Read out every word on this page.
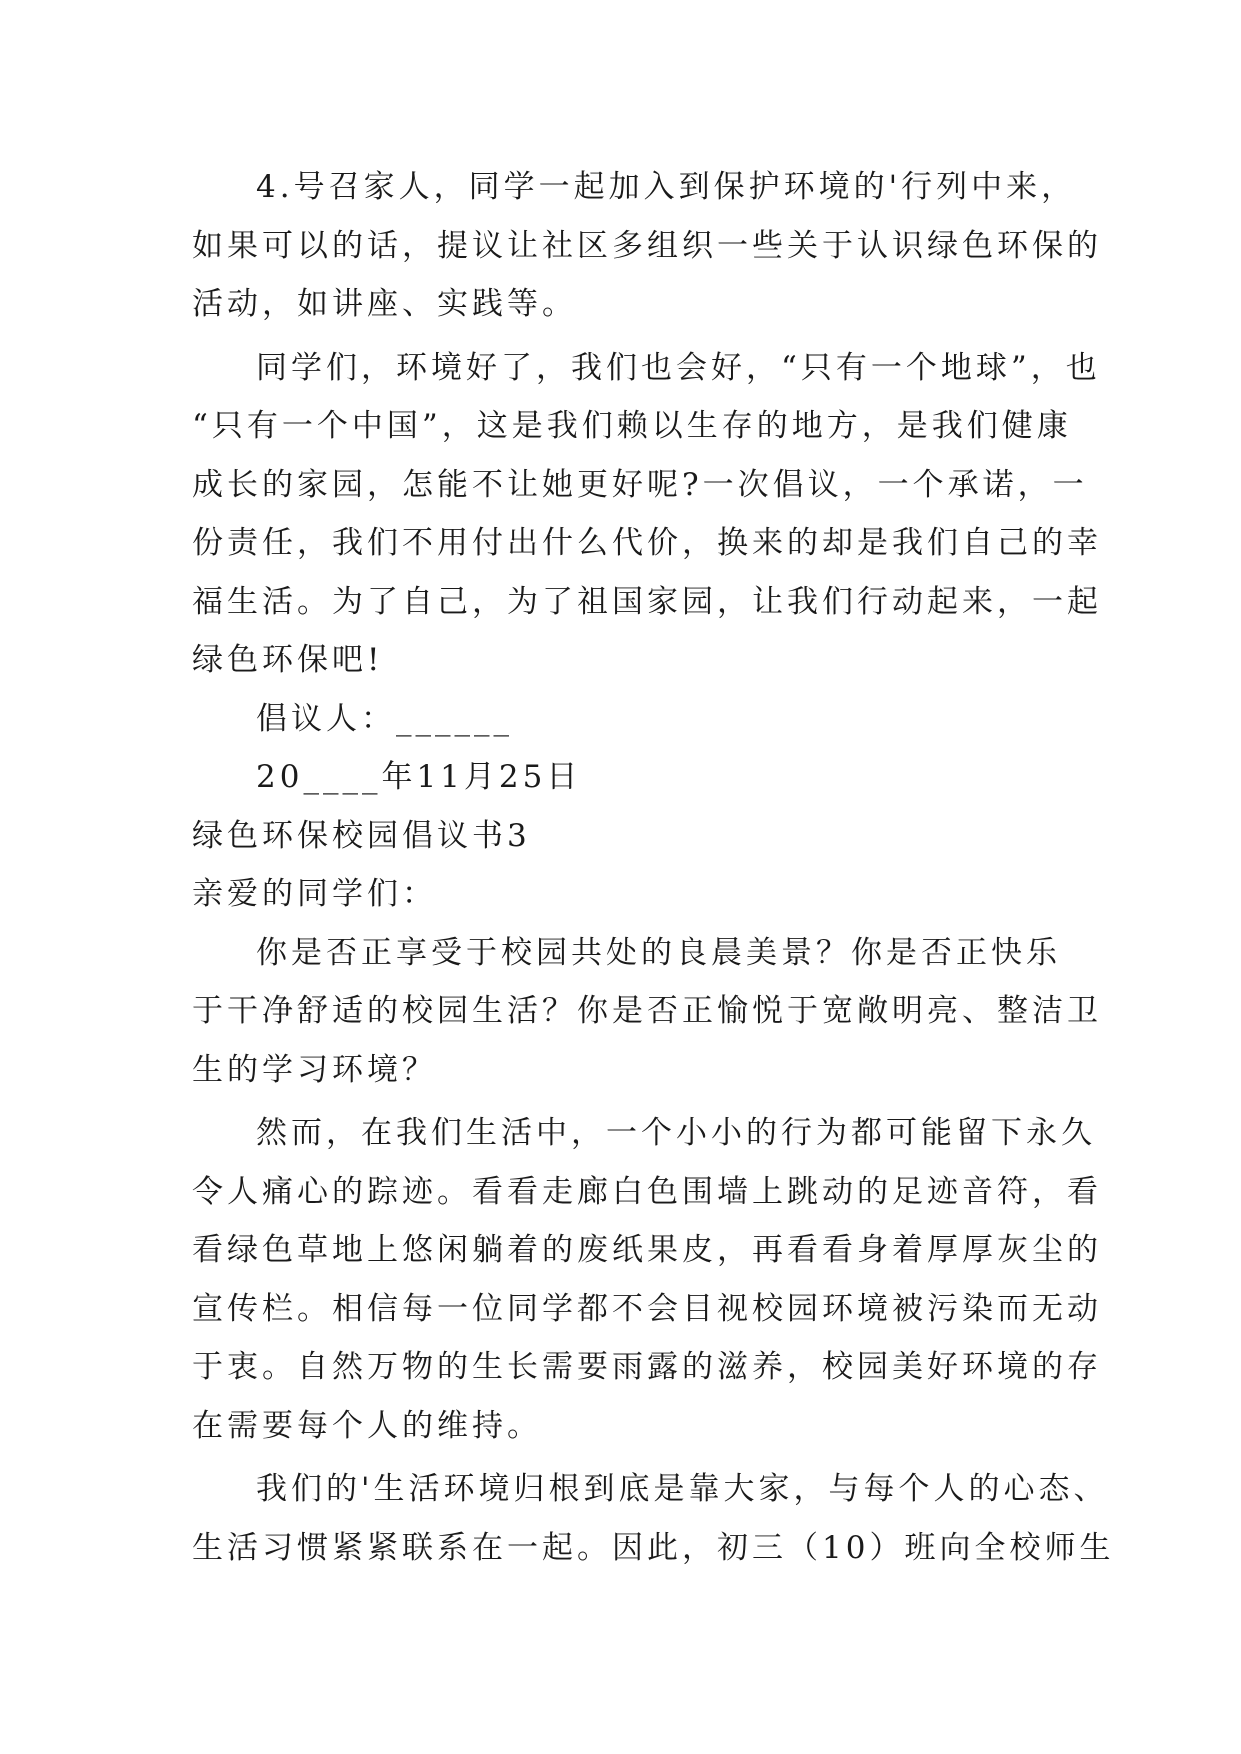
4.号召家人，同学一起加入到保护环境的'行列中来，

如果可以的话，提议让社区多组织一些关于认识绿色环保的

活动，如讲座、实践等。

同学们，环境好了，我们也会好，“只有一个地球”，也

“只有一个中国”，这是我们赖以生存的地方，是我们健康

成长的家园，怎能不让她更好呢?一次倡议，一个承诺，一

份责任，我们不用付出什么代价，换来的却是我们自己的幸

福生活。为了自己，为了祖国家园，让我们行动起来，一起

绿色环保吧!

倡议人：______

20____年11月25日

绿色环保校园倡议书3

亲爱的同学们：

你是否正享受于校园共处的良晨美景？你是否正快乐

于干净舒适的校园生活？你是否正愉悦于宽敞明亮、整洁卫

生的学习环境？

然而，在我们生活中，一个小小的行为都可能留下永久

令人痛心的踪迹。看看走廊白色围墙上跳动的足迹音符，看

看绿色草地上悠闲躺着的废纸果皮，再看看身着厚厚灰尘的

宣传栏。相信每一位同学都不会目视校园环境被污染而无动

于衷。自然万物的生长需要雨露的滋养，校园美好环境的存

在需要每个人的维持。

我们的'生活环境归根到底是靠大家，与每个人的心态、

生活习惯紧紧联系在一起。因此，初三（10）班向全校师生
